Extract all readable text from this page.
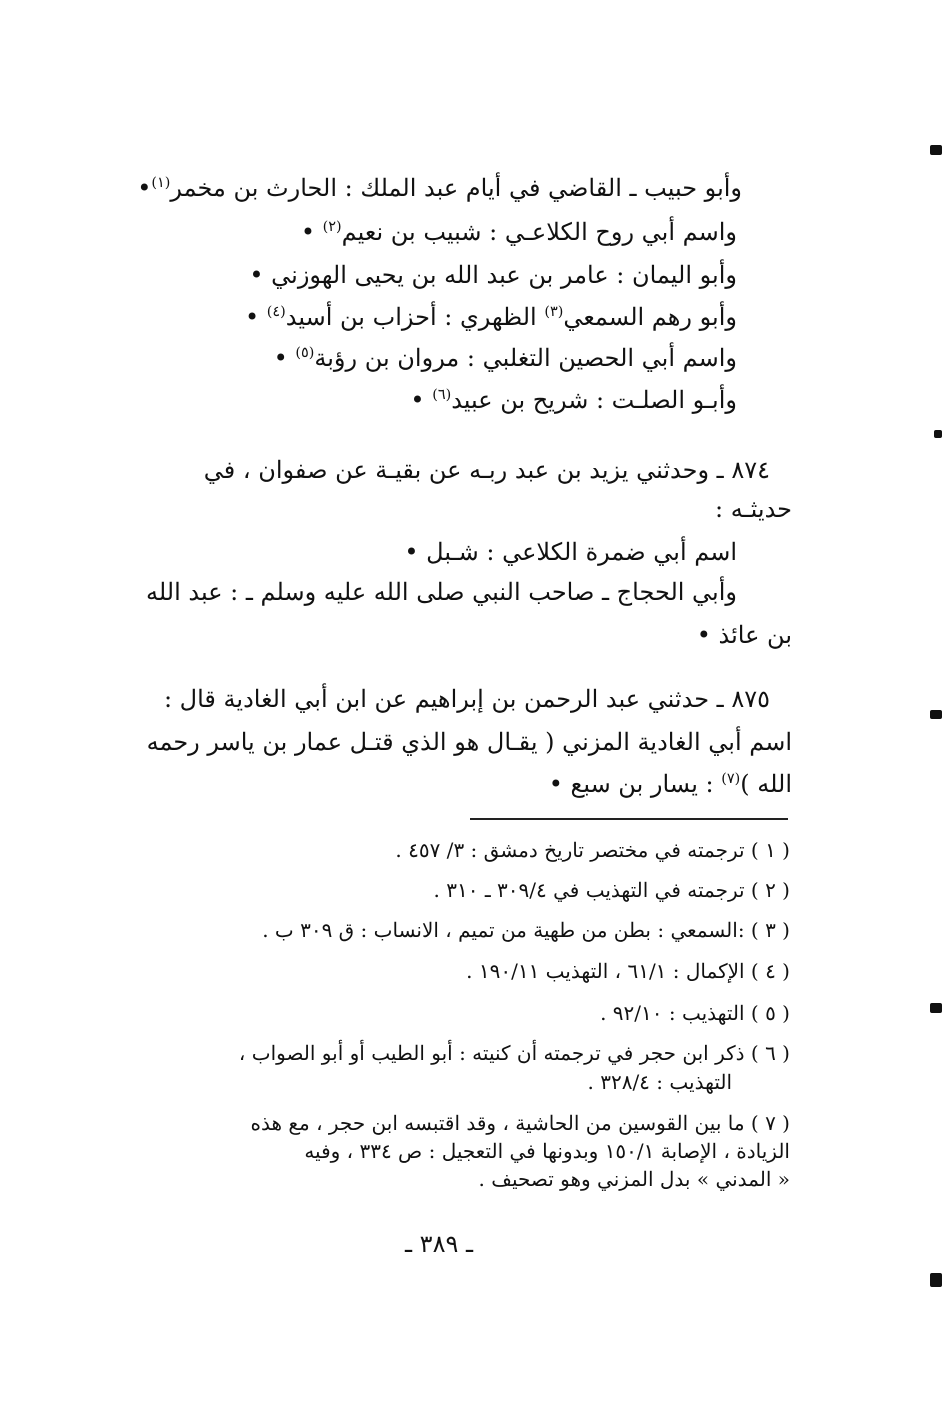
وأبو حبيب ـ القاضي في أيام عبد الملك : الحارث بن مخمر$^{(١)}$•
واسم أبي روح الكلاعـي : شبيب بن نعيم$^{(٢)}$ •
وأبو اليمان : عامر بن عبد الله بن يحيى الهوزني •
وأبو رهم السمعي$^{(٣)}$ الظهري : أحزاب بن أسيد$^{(٤)}$ •
واسم أبي الحصين التغلبي : مروان بن رؤبة$^{(٥)}$ •
وأبـو الصلـت : شريح بن عبيد$^{(٦)}$ •
٨٧٤ ـ وحدثني يزيد بن عبد ربـه عن بقيـة عن صفوان ، في
حديثـه :
اسم أبي ضمرة الكلاعي : شـبل •
وأبي الحجاج ـ صاحب النبي صلى الله عليه وسلم ـ : عبد الله
بن عائذ •
٨٧٥ ـ حدثني عبد الرحمن بن إبراهيم عن ابن أبي الغادية قال :
اسم أبي الغادية المزني ( يقـال هو الذي قتـل عمار بن ياسر رحمه
الله )$^{(٧)}$ : يسار بن سبع •
( ١ ) ترجمته في مختصر تاريخ دمشق : ٣/ ٤٥٧ .
( ٢ ) ترجمته في التهذيب في ٣٠٩/٤ ـ ٣١٠ .
( ٣ ) :السمعي : بطن من طهية من تميم ، الانساب : ق ٣٠٩ ب .
( ٤ ) الإكمال : ٦١/١ ، التهذيب ١٩٠/١١ .
( ٥ ) التهذيب : ٩٢/١٠ .
( ٦ ) ذكر ابن حجر في ترجمته أن كنيته : أبو الطيب أو أبو الصواب ،
التهذيب : ٣٢٨/٤ .
( ٧ ) ما بين القوسين من الحاشية ، وقد اقتبسه ابن حجر ، مع هذه
الزيادة ، الإصابة ١٥٠/١ وبدونها في التعجيل : ص ٣٣٤ ، وفيه
« المدني » بدل المزني وهو تصحيف .
ـ ٣٨٩ ـ
